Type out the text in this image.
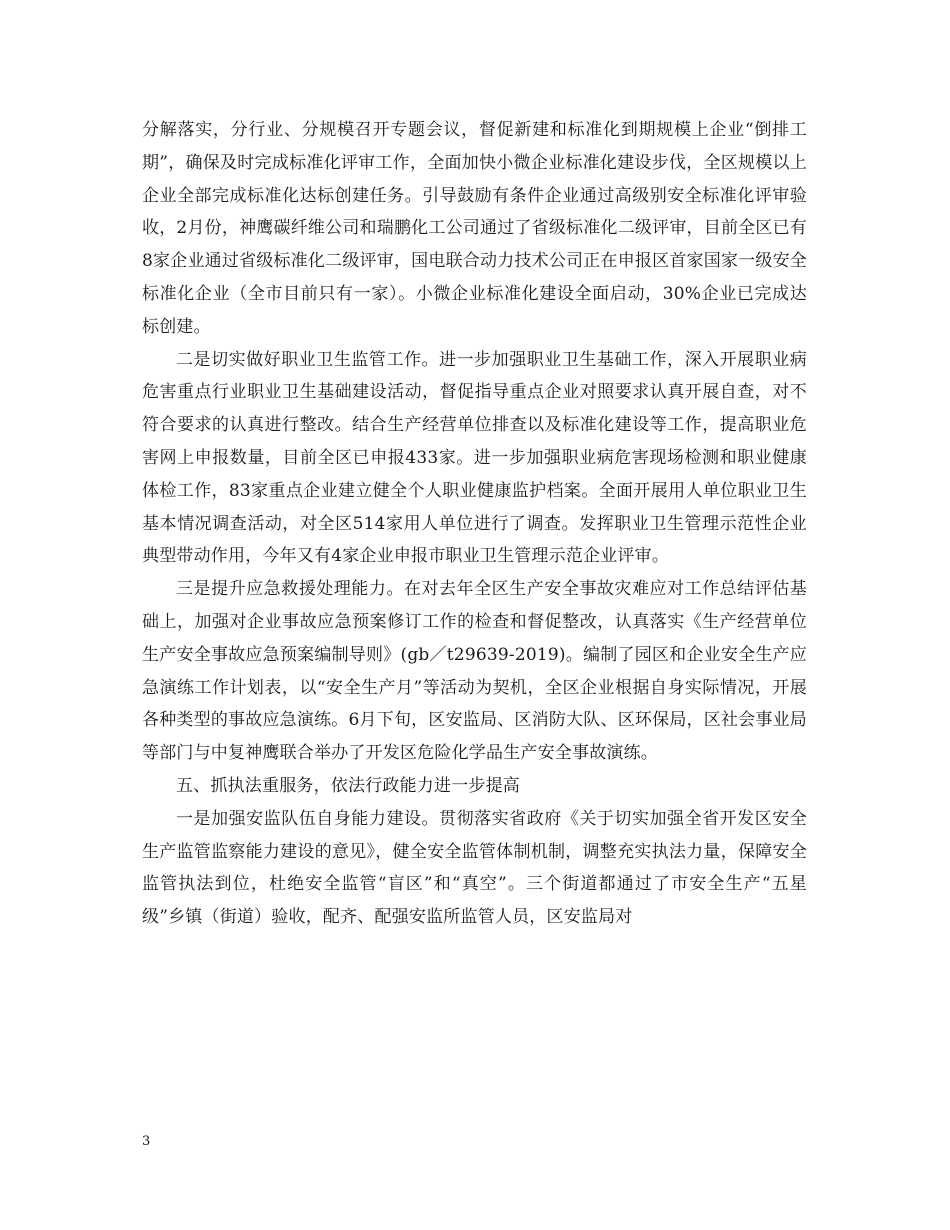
分解落实，分行业、分规模召开专题会议，督促新建和标准化到期规模上企业“倒排工期”，确保及时完成标准化评审工作，全面加快小微企业标准化建设步伐，全区规模以上企业全部完成标准化达标创建任务。引导鼓励有条件企业通过高级别安全标准化评审验收，2月份，神鹰碳纤维公司和瑞鹏化工公司通过了省级标准化二级评审，目前全区已有8家企业通过省级标准化二级评审，国电联合动力技术公司正在申报区首家国家一级安全标准化企业（全市目前只有一家）。小微企业标准化建设全面启动，30%企业已完成达标创建。

二是切实做好职业卫生监管工作。进一步加强职业卫生基础工作，深入开展职业病危害重点行业职业卫生基础建设活动，督促指导重点企业对照要求认真开展自查，对不符合要求的认真进行整改。结合生产经营单位排查以及标准化建设等工作，提高职业危害网上申报数量，目前全区已申报433家。进一步加强职业病危害现场检测和职业健康体检工作，83家重点企业建立健全个人职业健康监护档案。全面开展用人单位职业卫生基本情况调查活动，对全区514家用人单位进行了调查。发挥职业卫生管理示范性企业典型带动作用，今年又有4家企业申报市职业卫生管理示范企业评审。

三是提升应急救援处理能力。在对去年全区生产安全事故灾难应对工作总结评估基础上，加强对企业事故应急预案修订工作的检查和督促整改，认真落实《生产经营单位生产安全事故应急预案编制导则》(gb／t29639-2019)。编制了园区和企业安全生产应急演练工作计划表，以“安全生产月”等活动为契机，全区企业根据自身实际情况，开展各种类型的事故应急演练。6月下旬，区安监局、区消防大队、区环保局，区社会事业局等部门与中复神鹰联合举办了开发区危险化学品生产安全事故演练。

五、抓执法重服务，依法行政能力进一步提高

一是加强安监队伍自身能力建设。贯彻落实省政府《关于切实加强全省开发区安全生产监管监察能力建设的意见》，健全安全监管体制机制，调整充实执法力量，保障安全监管执法到位，杜绝安全监管“盲区”和“真空”。三个街道都通过了市安全生产“五星级”乡镇（街道）验收，配齐、配强安监所监管人员，区安监局对

3
